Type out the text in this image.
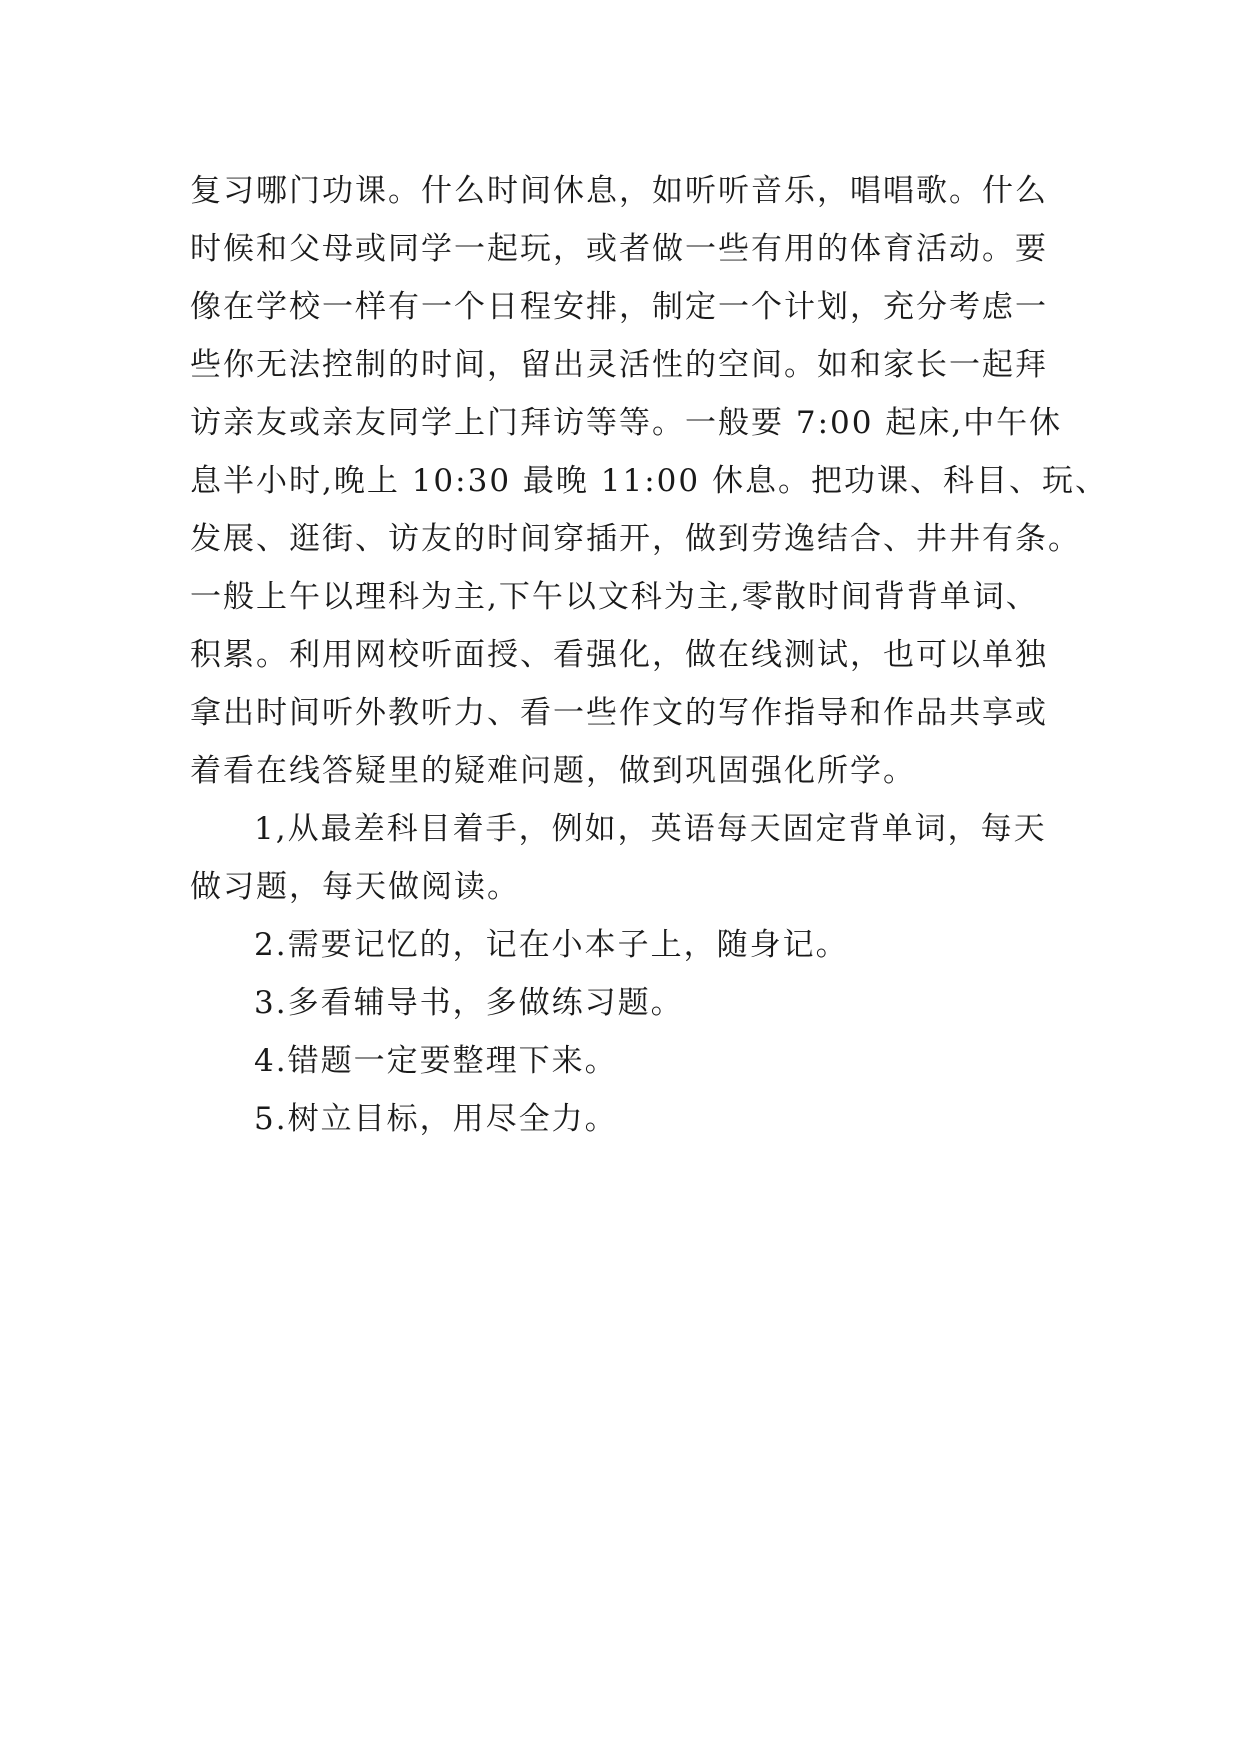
复习哪门功课。什么时间休息，如听听音乐，唱唱歌。什么
时候和父母或同学一起玩，或者做一些有用的体育活动。要
像在学校一样有一个日程安排，制定一个计划，充分考虑一
些你无法控制的时间，留出灵活性的空间。如和家长一起拜
访亲友或亲友同学上门拜访等等。一般要 7:00 起床,中午休
息半小时,晚上 10:30 最晚 11:00 休息。把功课、科目、玩、
发展、逛街、访友的时间穿插开，做到劳逸结合、井井有条。
一般上午以理科为主,下午以文科为主,零散时间背背单词、
积累。利用网校听面授、看强化，做在线测试，也可以单独
拿出时间听外教听力、看一些作文的写作指导和作品共享或
着看在线答疑里的疑难问题，做到巩固强化所学。
1,从最差科目着手，例如，英语每天固定背单词，每天
做习题，每天做阅读。
2.需要记忆的，记在小本子上，随身记。
3.多看辅导书，多做练习题。
4.错题一定要整理下来。
5.树立目标，用尽全力。
